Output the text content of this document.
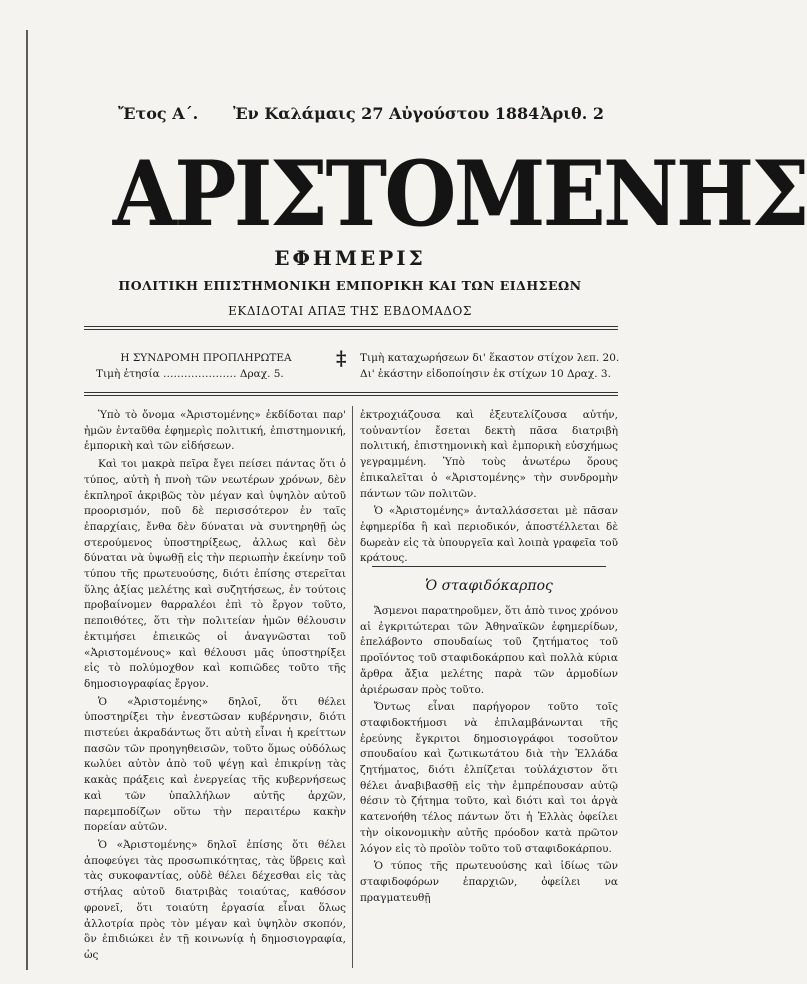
Ἔτος Α΄. Ἐν Καλάμαις 27 Αὐγούστου 1884 Ἀριθ. 2
ΑΡΙΣΤΟΜΕΝΗΣ
ΕΦΗΜΕΡΙΣ
ΠΟΛΙΤΙΚΗ ΕΠΙΣΤΗΜΟΝΙΚΗ ΕΜΠΟΡΙΚΗ ΚΑΙ ΤΩΝ ΕΙΔΗΣΕΩΝ
ΕΚΔΙΔΟΤΑΙ ΑΠΑΞ ΤΗΣ ΕΒΔΟΜΑΔΟΣ
Η ΣΥΝΔΡΟΜΗ ΠΡΟΠΛΗΡΩΤΕΑ
Τιμὴ ἐτησία ………………… Δραχ. 5.
‡ Τιμὴ καταχωρήσεων δι' ἕκαστον στίχον λεπ. 20.
Δι' ἑκάστην εἰδοποίησιν ἐκ στίχων 10 Δραχ. 3.

Ὑπὸ τὸ ὄνομα «Ἀριστομένης» ἐκδίδοται παρ' ἡμῶν ἐνταῦθα ἐφημερὶς πολιτική, ἐπιστημονική, ἐμπορικὴ καὶ τῶν εἰδήσεων.

Καὶ τοι μακρὰ πεῖρα ἔγει πείσει πάντας ὅτι ὁ τύπος, αὐτὴ ἡ πνοὴ τῶν νεωτέρων χρόνων, δὲν ἐκπληροῖ ἀκριβῶς τὸν μέγαν καὶ ὑψηλὸν αὐτοῦ προορισμόν, ποῦ δὲ περισσότερον ἐν ταῖς ἐπαρχίαις, ἔνθα δὲν δύναται νὰ συντηρηθῇ ὡς στερούμενος ὑποστηρίξεως, ἀλλως καὶ δὲν δύναται νὰ ὑψωθῇ εἰς τὴν περιωπὴν ἐκείνην τοῦ τύπου τῆς πρωτευούσης, διότι ἐπίσης στερεῖται ὕλης ἀξίας μελέτης καὶ συζητήσεως, ἐν τούτοις προβαίνομεν θαρραλέοι ἐπὶ τὸ ἔργον τοῦτο, πεποιθότες, ὅτι τὴν πολιτείαν ἡμῶν θέλουσιν ἐκτιμήσει ἐπιεικῶς οἱ ἀναγνῶσται τοῦ «Ἀριστομένους» καὶ θέλουσι μᾶς ὑποστηρίξει εἰς τὸ πολύμοχθον καὶ κοπιῶδες τοῦτο τῆς δημοσιογραφίας ἔργον.

Ὁ «Ἀριστομένης» δηλοῖ, ὅτι θέλει ὑποστηρίξει τὴν ἐνεστῶσαν κυβέρνησιν, διότι πιστεύει ἀκραδάντως ὅτι αὐτὴ εἶναι ἡ κρείττων πασῶν τῶν προηγηθεισῶν, τοῦτο ὅμως οὐδόλως κωλύει αὐτὸν ἀπὸ τοῦ ψέγῃ καὶ ἐπικρίνῃ τὰς κακὰς πράξεις καὶ ἐνεργείας τῆς κυβερνήσεως καὶ τῶν ὑπαλλήλων αὐτῆς ἀρχῶν, παρεμποδίζων οὕτω τὴν περαιτέρω κακὴν πορείαν αὐτῶν.

Ὁ «Ἀριστομένης» δηλοῖ ἐπίσης ὅτι θέλει ἀποφεύγει τὰς προσωπικότητας, τὰς ὕβρεις καὶ τὰς συκοφαντίας, οὐδὲ θέλει δέχεσθαι εἰς τὰς στήλας αὐτοῦ διατριβὰς τοιαύτας, καθόσον φρονεῖ, ὅτι τοιαύτη ἐργασία εἶναι ὅλως ἀλλοτρία πρὸς τὸν μέγαν καὶ ὑψηλὸν σκοπόν, ὃν ἐπιδιώκει ἐν τῇ κοινωνίᾳ ἡ δημοσιογραφία, ὡς

ἐκτροχιάζουσα καὶ ἐξευτελίζουσα αὐτήν, τοὐναντίον ἔσεται δεκτὴ πᾶσα διατριβὴ πολιτική, ἐπιστημονικὴ καὶ ἐμπορικὴ εὐσχήμως γεγραμμένη. Ὑπὸ τοὺς ἀνωτέρω ὅρους ἐπικαλεῖται ὁ «Ἀριστομένης» τὴν συνδρομὴν πάντων τῶν πολιτῶν.

Ὁ «Ἀριστομένης» ἀνταλλάσσεται μὲ πᾶσαν ἐφημερίδα ἢ καὶ περιοδικόν, ἀποστέλλεται δὲ δωρεὰν εἰς τὰ ὑπουργεῖα καὶ λοιπὰ γραφεῖα τοῦ κράτους.

Ὁ σταφιδόκαρπος

Ἄσμενοι παρατηροῦμεν, ὅτι ἀπὸ τινος χρόνου αἱ ἐγκριτώτεραι τῶν Ἀθηναϊκῶν ἐφημερίδων, ἐπελάβοντο σπουδαίως τοῦ ζητήματος τοῦ προϊόντος τοῦ σταφιδοκάρπου καὶ πολλὰ κύρια ἄρθρα ἄξια μελέτης παρὰ τῶν ἁρμοδίων ἀριέρωσαν πρὸς τοῦτο.

Ὄντως εἶναι παρήγορον τοῦτο τοῖς σταφιδοκτήμοσι νὰ ἐπιλαμβάνωνται τῆς ἐρεύνης ἔγκριτοι δημοσιογράφοι τοσοῦτον σπουδαίου καὶ ζωτικωτάτου διὰ τὴν Ἑλλάδα ζητήματος, διότι ἐλπίζεται τοὐλάχιστον ὅτι θέλει ἀναβιβασθῇ εἰς τὴν ἐμπρέπουσαν αὐτῷ θέσιν τὸ ζήτημα τοῦτο, καὶ διότι καὶ τοι ἀργὰ κατενοήθη τέλος πάντων ὅτι ἡ Ἑλλὰς ὀφείλει τὴν οἰκονομικὴν αὐτῆς πρόοδον κατὰ πρῶτον λόγον εἰς τὸ προϊὸν τοῦτο τοῦ σταφιδοκάρπου.

Ὁ τύπος τῆς πρωτευούσης καὶ ἰδίως τῶν σταφιδοφόρων ἐπαρχιῶν, ὀφείλει να πραγματευθῇ
